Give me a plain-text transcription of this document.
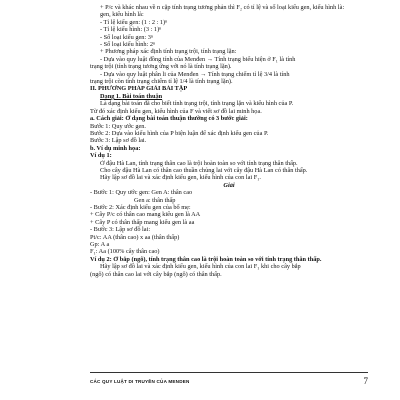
+ P/c và khác nhau về n cặp tính trạng tương phản thì F₂ có tỉ lệ và số loại kiểu gen, kiểu hình là:
gen, kiểu hình là:
- Tỉ lệ kiểu gen: (1 : 2 : 1)ⁿ
- Tỉ lệ kiểu hình: (3 : 1)ⁿ
- Số loại kiểu gen: 3ⁿ
- Số loại kiểu hình: 2ⁿ
+ Phương pháp xác định tính trạng trội, tính trạng lặn:
- Dựa vào quy luật đồng tính của Menđen → Tính trạng biểu hiện ở F₁ là tính
trạng trội (tính trạng tương ứng với nó là tính trạng lặn).
- Dựa vào quy luật phân li của Menđen → Tính trạng chiếm tỉ lệ 3/4 là tính
trạng trội còn tính trạng chiếm tỉ lệ 1/4 là tính trạng lặn).
II. PHƯƠNG PHÁP GIẢI BÀI TẬP
Dạng 1. Bài toán thuận
Là dạng bài toán đã cho biết tính trạng trội, tính trạng lặn và kiểu hình của P.
Từ đó xác định kiểu gen, kiểu hình của F và viết sơ đồ lai minh họa.
a. Cách giải: Ở dạng bài toán thuận thường có 3 bước giải:
Bước 1: Quy ước gen.
Bước 2: Dựa vào kiểu hình của P biện luận để xác định kiểu gen của P.
Bước 3: Lập sơ đồ lai.
b. Ví dụ minh họa:
Ví dụ 1:
Ở đậu Hà Lan, tính trạng thân cao là trội hoàn toàn so với tính trạng thân thấp.
Cho cây đậu Hà Lan có thân cao thuần chủng lai với cây đậu Hà Lan có thân thấp.
Hãy lập sơ đồ lai và xác định kiểu gen, kiểu hình của con lai F₁.
Giải
- Bước 1: Quy ước gen: Gen A: thân cao
Gen a: thân thấp
- Bước 2: Xác định kiểu gen của bố mẹ:
+ Cây P/c có thân cao mang kiểu gen là AA
+ Cây P có thân thấp mang kiểu gen là aa
- Bước 3: Lập sơ đồ lai:
Pt/c: AA (thân cao) x aa (thân thấp)
Gp: A a
F₁: Aa (100% cây thân cao)
Ví dụ 2: Ở bắp (ngô), tính trạng thân cao là trội hoàn toàn so với tính trạng thân thấp.
Hãy lập sơ đồ lai và xác định kiểu gen, kiểu hình của con lai F₁ khi cho cây bắp
(ngô) có thân cao lai với cây bắp (ngô) có thân thấp.
CÁC QUY LUẬT DI TRUYỀN CỦA MENDEN	7
